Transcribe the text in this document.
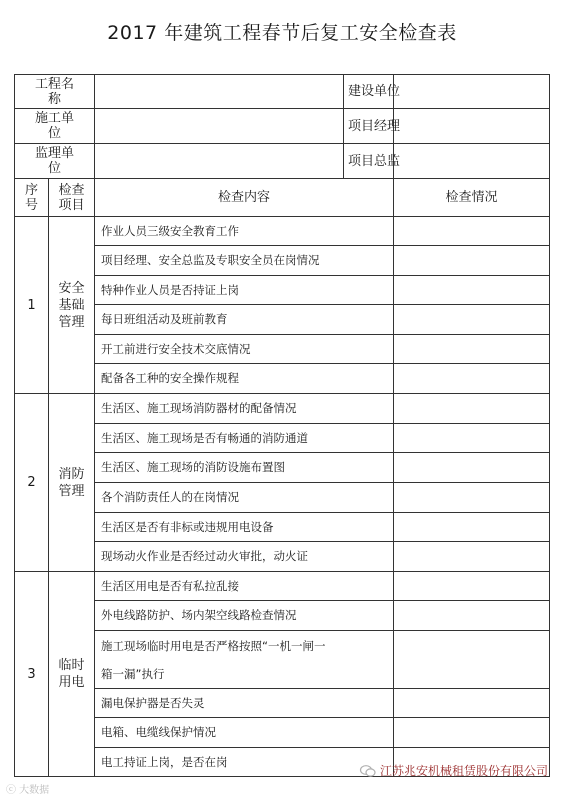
2017 年建筑工程春节后复工安全检查表
工程名
称			建设单位	
施工单
位			项目经理	
监理单
位			项目总监	
序
号	检查
项目	检查内容		检查情况
1	安全
基础
管理	作业人员三级安全教育工作		
		项目经理、安全总监及专职安全员在岗情况		
		特种作业人员是否持证上岗		
		每日班组活动及班前教育		
		开工前进行安全技术交底情况		
		配备各工种的安全操作规程		
2	消防
管理	生活区、施工现场消防器材的配备情况		
		生活区、施工现场是否有畅通的消防通道		
		生活区、施工现场的消防设施布置图		
		各个消防责任人的在岗情况		
		生活区是否有非标或违规用电设备		
		现场动火作业是否经过动火审批，动火证		
3	临时
用电	生活区用电是否有私拉乱接		
		外电线路防护、场内架空线路检查情况		
		施工现场临时用电是否严格按照“一机一闸一
箱一漏”执行		
		漏电保护器是否失灵		
		电箱、电缆线保护情况		
		电工持证上岗，是否在岗		
ⓒ 大数据
江苏兆安机械租赁股份有限公司
